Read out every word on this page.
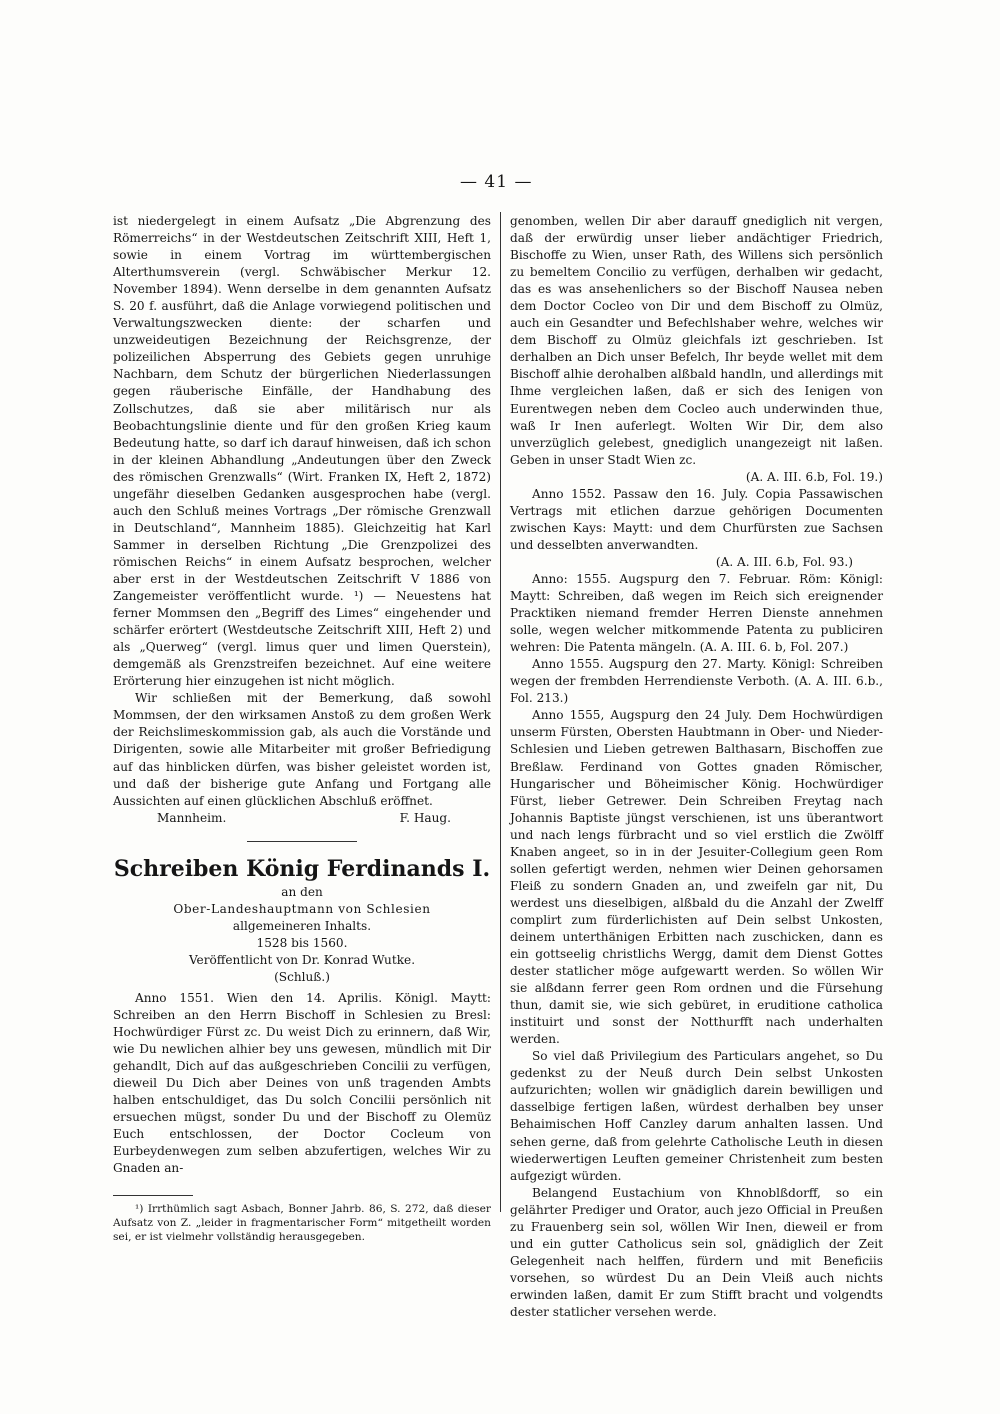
— 41 —

ist niedergelegt in einem Aufsatz „Die Abgrenzung des Römerreichs“ in der Westdeutschen Zeitschrift XIII, Heft 1, sowie in einem Vortrag im württembergischen Alterthumsverein (vergl. Schwäbischer Merkur 12. November 1894). Wenn derselbe in dem genannten Aufsatz S. 20 f. ausführt, daß die Anlage vorwiegend politischen und Verwaltungszwecken diente: der scharfen und unzweideutigen Bezeichnung der Reichsgrenze, der polizeilichen Absperrung des Gebiets gegen unruhige Nachbarn, dem Schutz der bürgerlichen Niederlassungen gegen räuberische Einfälle, der Handhabung des Zollschutzes, daß sie aber militärisch nur als Beobachtungslinie diente und für den großen Krieg kaum Bedeutung hatte, so darf ich darauf hinweisen, daß ich schon in der kleinen Abhandlung „Andeutungen über den Zweck des römischen Grenzwalls“ (Wirt. Franken IX, Heft 2, 1872) ungefähr dieselben Gedanken ausgesprochen habe (vergl. auch den Schluß meines Vortrags „Der römische Grenzwall in Deutschland“, Mannheim 1885). Gleichzeitig hat Karl Sammer in derselben Richtung „Die Grenzpolizei des römischen Reichs“ in einem Aufsatz besprochen, welcher aber erst in der Westdeutschen Zeitschrift V 1886 von Zangemeister veröffentlicht wurde. ¹) — Neuestens hat ferner Mommsen den „Begriff des Limes“ eingehender und schärfer erörtert (Westdeutsche Zeitschrift XIII, Heft 2) und als „Querweg“ (vergl. limus quer und limen Querstein), demgemäß als Grenzstreifen bezeichnet. Auf eine weitere Erörterung hier einzugehen ist nicht möglich.

Wir schließen mit der Bemerkung, daß sowohl Mommsen, der den wirksamen Anstoß zu dem großen Werk der Reichslimeskommission gab, als auch die Vorstände und Dirigenten, sowie alle Mitarbeiter mit großer Befriedigung auf das hinblicken dürfen, was bisher geleistet worden ist, und daß der bisherige gute Anfang und Fortgang alle Aussichten auf einen glücklichen Abschluß eröffnet.

Mannheim.	F. Haug.
Schreiben König Ferdinands I.
an den
Ober-Landeshauptmann von Schlesien
allgemeineren Inhalts.
1528 bis 1560.
Veröffentlicht von Dr. Konrad Wutke.
(Schluß.)

Anno 1551. Wien den 14. Aprilis. Königl. Maytt: Schreiben an den Herrn Bischoff in Schlesien zu Bresl: Hochwürdiger Fürst zc. Du weist Dich zu erinnern, daß Wir, wie Du newlichen alhier bey uns gewesen, mündlich mit Dir gehandlt, Dich auf das außgeschrieben Concilii zu verfügen, dieweil Du Dich aber Deines von unß tragenden Ambts halben entschuldiget, das Du solch Concilii persönlich nit ersuechen mügst, sonder Du und der Bischoff zu Olemüz Euch entschlossen, der Doctor Cocleum von Eurbeydenwegen zum selben abzufertigen, welches Wir zu Gnaden an-

¹) Irrthümlich sagt Asbach, Bonner Jahrb. 86, S. 272, daß dieser Aufsatz von Z. „leider in fragmentarischer Form“ mitgetheilt worden sei, er ist vielmehr vollständig herausgegeben.

genomben, wellen Dir aber darauff gnediglich nit vergen, daß der erwürdig unser lieber andächtiger Friedrich, Bischoffe zu Wien, unser Rath, des Willens sich persönlich zu bemeltem Concilio zu verfügen, derhalben wir gedacht, das es was ansehenlichers so der Bischoff Nausea neben dem Doctor Cocleo von Dir und dem Bischoff zu Olmüz, auch ein Gesandter und Befechlshaber wehre, welches wir dem Bischoff zu Olmüz gleichfals izt geschrieben. Ist derhalben an Dich unser Befelch, Ihr beyde wellet mit dem Bischoff alhie derohalben alßbald handln, und allerdings mit Ihme vergleichen laßen, daß er sich des Ienigen von Eurentwegen neben dem Cocleo auch underwinden thue, waß Ir Inen auferlegt. Wolten Wir Dir, dem also unverzüglich gelebest, gnediglich unangezeigt nit laßen. Geben in unser Stadt Wien zc.

(A. A. III. 6.b, Fol. 19.)

Anno 1552. Passaw den 16. July. Copia Passawischen Vertrags mit etlichen darzue gehörigen Documenten zwischen Kays: Maytt: und dem Churfürsten zue Sachsen und desselbten anverwandten.

(A. A. III. 6.b, Fol. 93.)

Anno: 1555. Augspurg den 7. Februar. Röm: Königl: Maytt: Schreiben, daß wegen im Reich sich ereignender Pracktiken niemand fremder Herren Dienste annehmen solle, wegen welcher mitkommende Patenta zu publiciren wehren: Die Patenta mängeln. (A. A. III. 6. b, Fol. 207.)

Anno 1555. Augspurg den 27. Marty. Königl: Schreiben wegen der frembden Herrendienste Verboth. (A. A. III. 6.b., Fol. 213.)

Anno 1555, Augspurg den 24 July. Dem Hochwürdigen unserm Fürsten, Obersten Haubtmann in Ober- und Nieder-Schlesien und Lieben getrewen Balthasarn, Bischoffen zue Breßlaw. Ferdinand von Gottes gnaden Römischer, Hungarischer und Böheimischer König. Hochwürdiger Fürst, lieber Getrewer. Dein Schreiben Freytag nach Johannis Baptiste jüngst verschienen, ist uns überantwort und nach lengs fürbracht und so viel erstlich die Zwölff Knaben angeet, so in in der Jesuiter-Collegium geen Rom sollen gefertigt werden, nehmen wier Deinen gehorsamen Fleiß zu sondern Gnaden an, und zweifeln gar nit, Du werdest uns dieselbigen, alßbald du die Anzahl der Zwelff complirt zum fürderlichisten auf Dein selbst Unkosten, deinem unterthänigen Erbitten nach zuschicken, dann es ein gottseelig christlichs Wergg, damit dem Dienst Gottes dester statlicher möge aufgewartt werden. So wöllen Wir sie alßdann ferrer geen Rom ordnen und die Fürsehung thun, damit sie, wie sich gebüret, in eruditione catholica instituirt und sonst der Notthurfft nach underhalten werden.

So viel daß Privilegium des Particulars angehet, so Du gedenkst zu der Neuß durch Dein selbst Unkosten aufzurichten; wollen wir gnädiglich darein bewilligen und dasselbige fertigen laßen, würdest derhalben bey unser Behaimischen Hoff Canzley darum anhalten lassen. Und sehen gerne, daß from gelehrte Catholische Leuth in diesen wiederwertigen Leuften gemeiner Christenheit zum besten aufgezigt würden.

Belangend Eustachium von Khnoblßdorff, so ein gelährter Prediger und Orator, auch jezo Official in Preußen zu Frauenberg sein sol, wöllen Wir Inen, dieweil er from und ein gutter Catholicus sein sol, gnädiglich der Zeit Gelegenheit nach helffen, fürdern und mit Beneficiis vorsehen, so würdest Du an Dein Vleiß auch nichts erwinden laßen, damit Er zum Stifft bracht und volgendts dester statlicher versehen werde.
